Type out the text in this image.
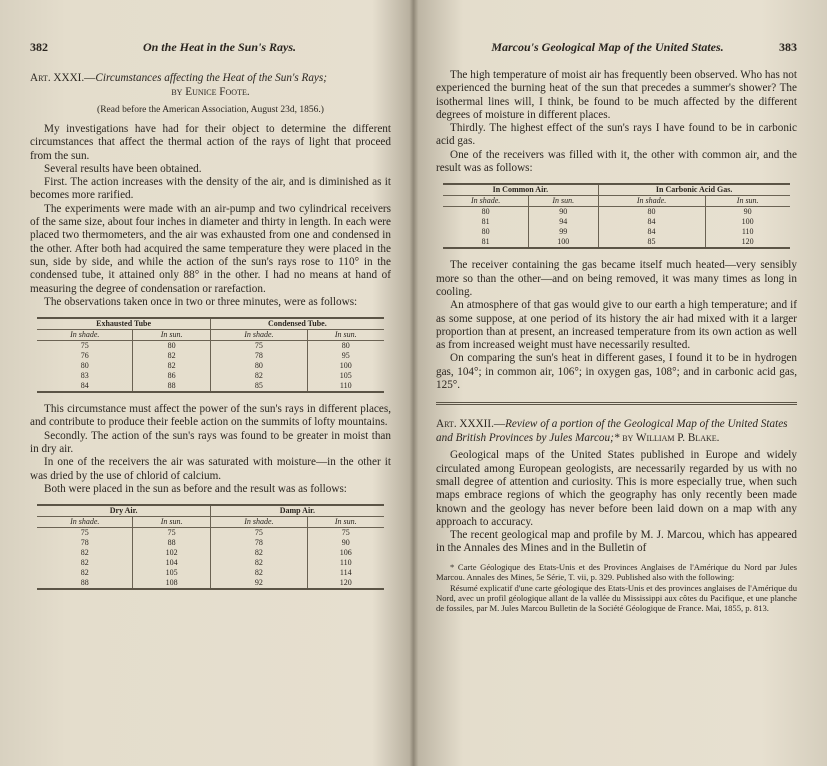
382	On the Heat in the Sun's Rays.
Art. XXXI.—Circumstances affecting the Heat of the Sun's Rays;
by Eunice Foote.
(Read before the American Association, August 23d, 1856.)

My investigations have had for their object to determine the different circumstances that affect the thermal action of the rays of light that proceed from the sun.

Several results have been obtained.

First. The action increases with the density of the air, and is diminished as it becomes more rarified.

The experiments were made with an air-pump and two cylindrical receivers of the same size, about four inches in diameter and thirty in length. In each were placed two thermometers, and the air was exhausted from one and condensed in the other. After both had acquired the same temperature they were placed in the sun, side by side, and while the action of the sun's rays rose to 110° in the condensed tube, it attained only 88° in the other. I had no means at hand of measuring the degree of condensation or rarefaction.

The observations taken once in two or three minutes, were as follows:

Exhausted Tube		Condensed Tube.	
In shade.	In sun.	In shade.	In sun.
75	80	75	80
76	82	78	95
80	82	80	100
83	86	82	105
84	88	85	110

This circumstance must affect the power of the sun's rays in different places, and contribute to produce their feeble action on the summits of lofty mountains.

Secondly. The action of the sun's rays was found to be greater in moist than in dry air.

In one of the receivers the air was saturated with moisture—in the other it was dried by the use of chlorid of calcium.

Both were placed in the sun as before and the result was as follows:

Dry Air.		Damp Air.	
In shade.	In sun.	In shade.	In sun.
75	75	75	75
78	88	78	90
82	102	82	106
82	104	82	110
82	105	82	114
88	108	92	120
Marcou's Geological Map of the United States.	383

The high temperature of moist air has frequently been observed. Who has not experienced the burning heat of the sun that precedes a summer's shower? The isothermal lines will, I think, be found to be much affected by the different degrees of moisture in different places.

Thirdly. The highest effect of the sun's rays I have found to be in carbonic acid gas.

One of the receivers was filled with it, the other with common air, and the result was as follows:

In Common Air.		In Carbonic Acid Gas.	
In shade.	In sun.	In shade.	In sun.
80	90	80	90
81	94	84	100
80	99	84	110
81	100	85	120

The receiver containing the gas became itself much heated—very sensibly more so than the other—and on being removed, it was many times as long in cooling.

An atmosphere of that gas would give to our earth a high temperature; and if as some suppose, at one period of its history the air had mixed with it a larger proportion than at present, an increased temperature from its own action as well as from increased weight must have necessarily resulted.

On comparing the sun's heat in different gases, I found it to be in hydrogen gas, 104°; in common air, 106°; in oxygen gas, 108°; and in carbonic acid gas, 125°.

Art. XXXII.—Review of a portion of the Geological Map of the United States and British Provinces by Jules Marcou;* by William P. Blake.

Geological maps of the United States published in Europe and widely circulated among European geologists, are necessarily regarded by us with no small degree of attention and curiosity. This is more especially true, when such maps embrace regions of which the geography has only recently been made known and the geology has never before been laid down on a map with any approach to accuracy.

The recent geological map and profile by M. J. Marcou, which has appeared in the Annales des Mines and in the Bulletin of

* Carte Géologique des Etats-Unis et des Provinces Anglaises de l'Amérique du Nord par Jules Marcou. Annales des Mines, 5e Série, T. vii, p. 329. Published also with the following:

Résumé explicatif d'une carte géologique des Etats-Unis et des provinces anglaises de l'Amérique du Nord, avec un profil géologique allant de la vallée du Mississippi aux côtes du Pacifique, et une planche de fossiles, par M. Jules Marcou Bulletin de la Société Géologique de France. Mai, 1855, p. 813.
